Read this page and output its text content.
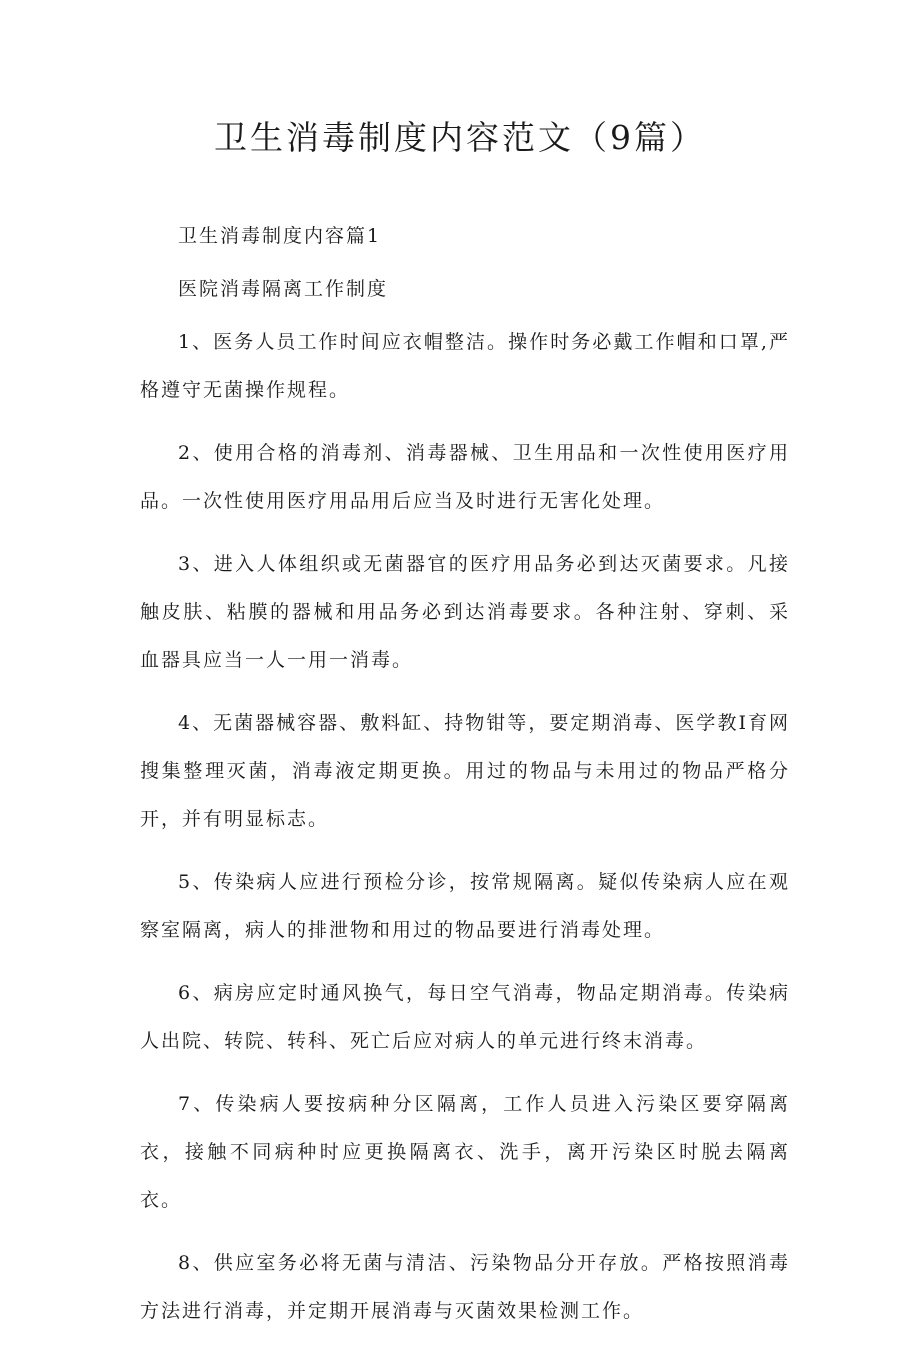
卫生消毒制度内容范文（9篇）

卫生消毒制度内容篇1

医院消毒隔离工作制度

1、医务人员工作时间应衣帽整洁。操作时务必戴工作帽和口罩,严格遵守无菌操作规程。

2、使用合格的消毒剂、消毒器械、卫生用品和一次性使用医疗用品。一次性使用医疗用品用后应当及时进行无害化处理。

3、进入人体组织或无菌器官的医疗用品务必到达灭菌要求。凡接触皮肤、粘膜的器械和用品务必到达消毒要求。各种注射、穿刺、采血器具应当一人一用一消毒。

4、无菌器械容器、敷料缸、持物钳等，要定期消毒、医学教I育网搜集整理灭菌，消毒液定期更换。用过的物品与未用过的物品严格分开，并有明显标志。

5、传染病人应进行预检分诊，按常规隔离。疑似传染病人应在观察室隔离，病人的排泄物和用过的物品要进行消毒处理。

6、病房应定时通风换气，每日空气消毒，物品定期消毒。传染病人出院、转院、转科、死亡后应对病人的单元进行终末消毒。

7、传染病人要按病种分区隔离，工作人员进入污染区要穿隔离衣，接触不同病种时应更换隔离衣、洗手，离开污染区时脱去隔离衣。

8、供应室务必将无菌与清洁、污染物品分开存放。严格按照消毒方法进行消毒，并定期开展消毒与灭菌效果检测工作。
